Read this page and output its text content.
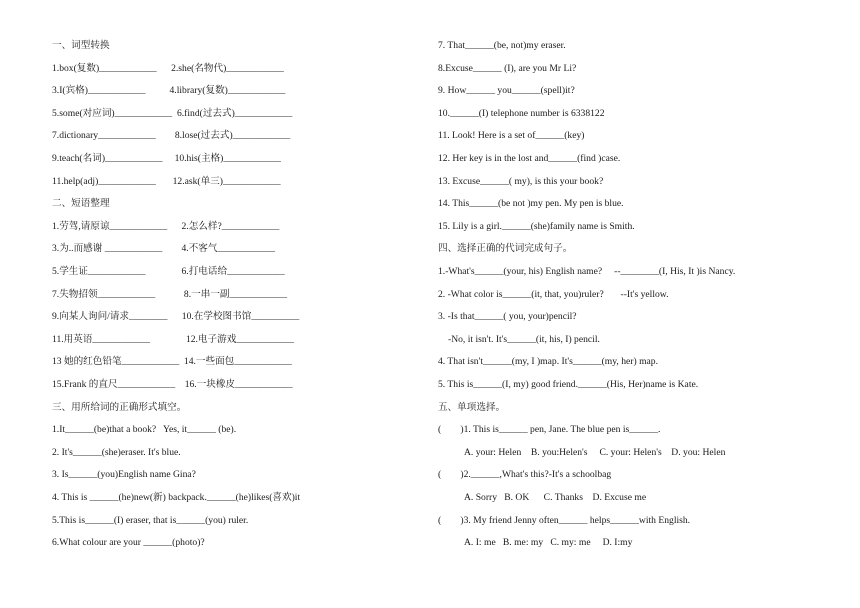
一、词型转换
1.box(复数)____________      2.she(名物代)____________
3.I(宾格)____________          4.library(复数)____________
5.some(对应词)____________  6.find(过去式)____________
7.dictionary____________        8.lose(过去式)____________
9.teach(名词)____________     10.his(主格)____________
11.help(adj)____________       12.ask(单三)____________
二、短语整理
1.劳驾,请原谅____________      2.怎么样?____________
3.为..而感谢 ____________        4.不客气____________
5.学生证____________               6.打电话给____________
7.失物招领____________            8.一串一副____________
9.向某人询问/请求________      10.在学校图书馆__________
11.用英语____________               12.电子游戏____________
13 她的红色铅笔____________  14.一些面包____________
15.Frank 的直尺____________    16.一块橡皮____________
三、用所给词的正确形式填空。
1.It______(be)that a book?   Yes, it______ (be).
2. It's______(she)eraser. It's blue.
3. Is______(you)English name Gina?
4. This is ______(he)new(新) backpack.______(he)likes(喜欢)it
5.This is______(I) eraser, that is______(you) ruler.
6.What colour are your ______(photo)?
7. That______(be, not)my eraser.
8.Excuse______ (I), are you Mr Li?
9. How______ you______(spell)it?
10.______(I) telephone number is 6338122
11. Look! Here is a set of______(key)
12. Her key is in the lost and______(find )case.
13. Excuse______( my), is this your book?
14. This______(be not )my pen. My pen is blue.
15. Lily is a girl.______(she)family name is Smith.
四、选择正确的代词完成句子。
1.-What's______(your, his) English name?     --________(I, His, It )is Nancy.
2. -What color is______(it, that, you)ruler?       --It's yellow.
3. -Is that______( you, your)pencil?
-No, it isn't. It's______(it, his, I) pencil.
4. That isn't______(my, I )map. It's______(my, her) map.
5. This is______(I, my) good friend.______(His, Her)name is Kate.
五、单项选择。
(        )1. This is______ pen, Jane. The blue pen is______.
A. your: Helen    B. you:Helen's     C. your: Helen's    D. you: Helen
(        )2.______,What's this?-It's a schoolbag
A. Sorry   B. OK      C. Thanks    D. Excuse me
(        )3. My friend Jenny often______ helps______with English.
A. I: me   B. me: my   C. my: me     D. I:my
